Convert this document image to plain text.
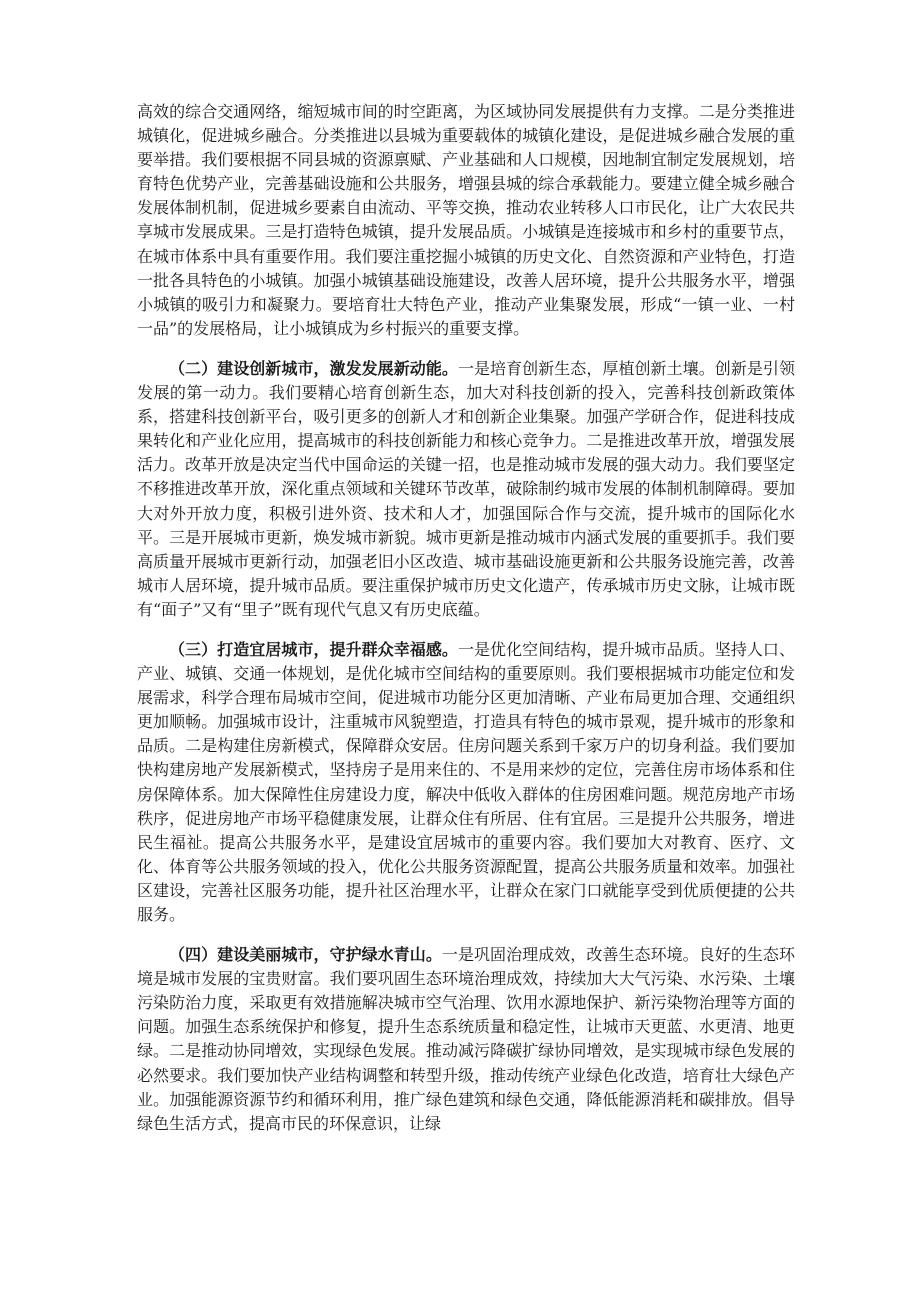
高效的综合交通网络，缩短城市间的时空距离，为区域协同发展提供有力支撑。二是分类推进城镇化，促进城乡融合。分类推进以县城为重要载体的城镇化建设，是促进城乡融合发展的重要举措。我们要根据不同县城的资源禀赋、产业基础和人口规模，因地制宜制定发展规划，培育特色优势产业，完善基础设施和公共服务，增强县城的综合承载能力。要建立健全城乡融合发展体制机制，促进城乡要素自由流动、平等交换，推动农业转移人口市民化，让广大农民共享城市发展成果。三是打造特色城镇，提升发展品质。小城镇是连接城市和乡村的重要节点，在城市体系中具有重要作用。我们要注重挖掘小城镇的历史文化、自然资源和产业特色，打造一批各具特色的小城镇。加强小城镇基础设施建设，改善人居环境，提升公共服务水平，增强小城镇的吸引力和凝聚力。要培育壮大特色产业，推动产业集聚发展，形成“一镇一业、一村一品”的发展格局，让小城镇成为乡村振兴的重要支撑。

（二）建设创新城市，激发发展新动能。一是培育创新生态，厚植创新土壤。创新是引领发展的第一动力。我们要精心培育创新生态，加大对科技创新的投入，完善科技创新政策体系，搭建科技创新平台，吸引更多的创新人才和创新企业集聚。加强产学研合作，促进科技成果转化和产业化应用，提高城市的科技创新能力和核心竞争力。二是推进改革开放，增强发展活力。改革开放是决定当代中国命运的关键一招，也是推动城市发展的强大动力。我们要坚定不移推进改革开放，深化重点领域和关键环节改革，破除制约城市发展的体制机制障碍。要加大对外开放力度，积极引进外资、技术和人才，加强国际合作与交流，提升城市的国际化水平。三是开展城市更新，焕发城市新貌。城市更新是推动城市内涵式发展的重要抓手。我们要高质量开展城市更新行动，加强老旧小区改造、城市基础设施更新和公共服务设施完善，改善城市人居环境，提升城市品质。要注重保护城市历史文化遗产，传承城市历史文脉，让城市既有“面子”又有“里子”既有现代气息又有历史底蕴。

（三）打造宜居城市，提升群众幸福感。一是优化空间结构，提升城市品质。坚持人口、产业、城镇、交通一体规划，是优化城市空间结构的重要原则。我们要根据城市功能定位和发展需求，科学合理布局城市空间，促进城市功能分区更加清晰、产业布局更加合理、交通组织更加顺畅。加强城市设计，注重城市风貌塑造，打造具有特色的城市景观，提升城市的形象和品质。二是构建住房新模式，保障群众安居。住房问题关系到千家万户的切身利益。我们要加快构建房地产发展新模式，坚持房子是用来住的、不是用来炒的定位，完善住房市场体系和住房保障体系。加大保障性住房建设力度，解决中低收入群体的住房困难问题。规范房地产市场秩序，促进房地产市场平稳健康发展，让群众住有所居、住有宜居。三是提升公共服务，增进民生福祉。提高公共服务水平，是建设宜居城市的重要内容。我们要加大对教育、医疗、文化、体育等公共服务领域的投入，优化公共服务资源配置，提高公共服务质量和效率。加强社区建设，完善社区服务功能，提升社区治理水平，让群众在家门口就能享受到优质便捷的公共服务。

（四）建设美丽城市，守护绿水青山。一是巩固治理成效，改善生态环境。良好的生态环境是城市发展的宝贵财富。我们要巩固生态环境治理成效，持续加大大气污染、水污染、土壤污染防治力度，采取更有效措施解决城市空气治理、饮用水源地保护、新污染物治理等方面的问题。加强生态系统保护和修复，提升生态系统质量和稳定性，让城市天更蓝、水更清、地更绿。二是推动协同增效，实现绿色发展。推动减污降碳扩绿协同增效，是实现城市绿色发展的必然要求。我们要加快产业结构调整和转型升级，推动传统产业绿色化改造，培育壮大绿色产业。加强能源资源节约和循环利用，推广绿色建筑和绿色交通，降低能源消耗和碳排放。倡导绿色生活方式，提高市民的环保意识，让绿
